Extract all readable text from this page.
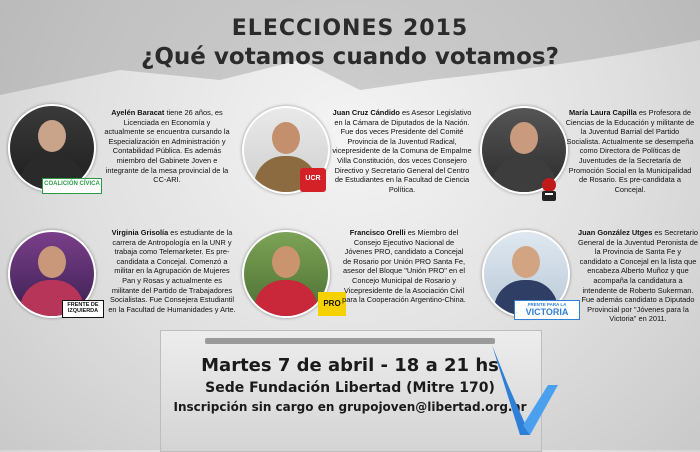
ELECCIONES 2015
¿Qué votamos cuando votamos?
COALICIÓN CÍVICA
Ayelén Baracat tiene 26 años, es Licenciada en Economía y actualmente se encuentra cursando la Especialización en Administración y Contabilidad Pública. Es además miembro del Gabinete Joven e integrante de la mesa provincial de la CC-ARI.	UCR
Juan Cruz Cándido es Asesor Legislativo en la Cámara de Diputados de la Nación. Fue dos veces Presidente del Comité Provincia de la Juventud Radical, vicepresidente de la Comuna de Empalme Villa Constitución, dos veces Consejero Directivo y Secretario General del Centro de Estudiantes en la Facultad de Ciencia Política.
María Laura Capilla es Profesora de Ciencias de la Educación y militante de la Juventud Barrial del Partido Socialista. Actualmente se desempeña como Directora de Políticas de Juventudes de la Secretaría de Promoción Social en la Municipalidad de Rosario. Es pre-candidata a Concejal.
FRENTE DE IZQUIERDA
Virginia Grisolía es estudiante de la carrera de Antropología en la UNR y trabaja como Telemarketer. Es pre-candidata a Concejal. Comenzó a militar en la Agrupación de Mujeres Pan y Rosas y actualmente es militante del Partido de Trabajadores Socialistas. Fue Consejera Estudiantil en la Facultad de Humanidades y Arte.
PRO
Francisco Orelli es Miembro del Consejo Ejecutivo Nacional de Jóvenes PRO, candidato a Concejal de Rosario por Unión PRO Santa Fe, asesor del Bloque "Unión PRO" en el Concejo Municipal de Rosario y Vicepresidente de la Asociación Civil para la Cooperación Argentino-China.
FRENTE PARA LA
VICTORIA
Juan González Utges es Secretario General de la Juventud Peronista de la Provincia de Santa Fe y candidato a Concejal en la lista que encabeza Alberto Muñoz y que acompaña la candidatura a intendente de Roberto Sukerman. Fue además candidato a Diputado Provincial por "Jóvenes para la Victoria" en 2011.
Martes 7 de abril - 18 a 21 hs
Sede Fundación Libertad (Mitre 170)
Inscripción sin cargo en grupojoven@libertad.org.ar
